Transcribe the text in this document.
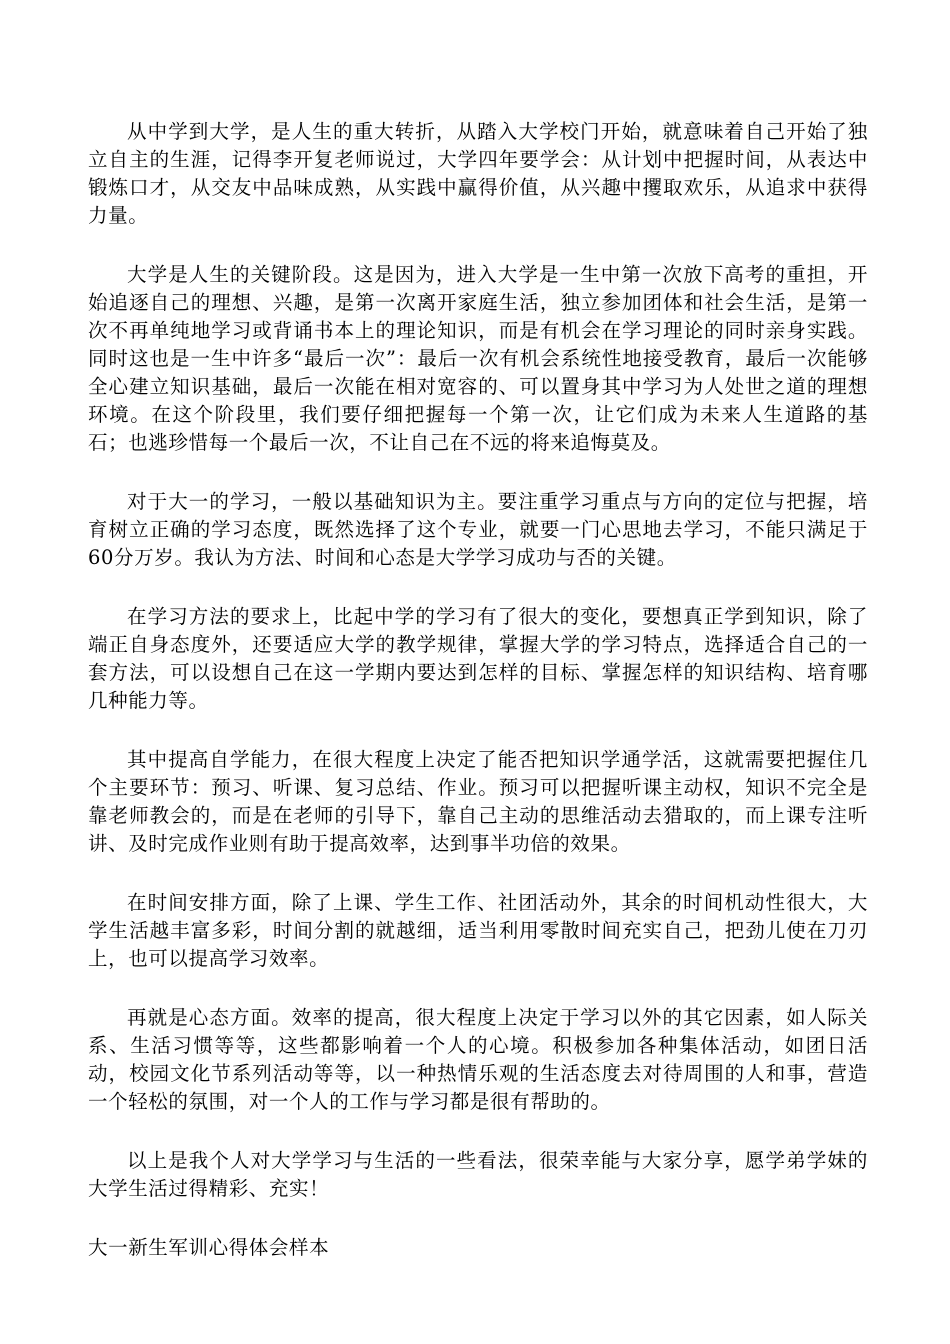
从中学到大学，是人生的重大转折，从踏入大学校门开始，就意味着自己开始了独立自主的生涯，记得李开复老师说过，大学四年要学会：从计划中把握时间，从表达中锻炼口才，从交友中品味成熟，从实践中赢得价值，从兴趣中攫取欢乐，从追求中获得力量。

大学是人生的关键阶段。这是因为，进入大学是一生中第一次放下高考的重担，开始追逐自己的理想、兴趣，是第一次离开家庭生活，独立参加团体和社会生活，是第一次不再单纯地学习或背诵书本上的理论知识，而是有机会在学习理论的同时亲身实践。同时这也是一生中许多“最后一次”：最后一次有机会系统性地接受教育，最后一次能够全心建立知识基础，最后一次能在相对宽容的、可以置身其中学习为人处世之道的理想环境。在这个阶段里，我们要仔细把握每一个第一次，让它们成为未来人生道路的基石；也逃珍惜每一个最后一次，不让自己在不远的将来追悔莫及。

对于大一的学习，一般以基础知识为主。要注重学习重点与方向的定位与把握，培育树立正确的学习态度，既然选择了这个专业，就要一门心思地去学习，不能只满足于60分万岁。我认为方法、时间和心态是大学学习成功与否的关键。

在学习方法的要求上，比起中学的学习有了很大的变化，要想真正学到知识，除了端正自身态度外，还要适应大学的教学规律，掌握大学的学习特点，选择适合自己的一套方法，可以设想自己在这一学期内要达到怎样的目标、掌握怎样的知识结构、培育哪几种能力等。

其中提高自学能力，在很大程度上决定了能否把知识学通学活，这就需要把握住几个主要环节：预习、听课、复习总结、作业。预习可以把握听课主动权，知识不完全是靠老师教会的，而是在老师的引导下，靠自己主动的思维活动去猎取的，而上课专注听讲、及时完成作业则有助于提高效率，达到事半功倍的效果。

在时间安排方面，除了上课、学生工作、社团活动外，其余的时间机动性很大，大学生活越丰富多彩，时间分割的就越细，适当利用零散时间充实自己，把劲儿使在刀刃上，也可以提高学习效率。

再就是心态方面。效率的提高，很大程度上决定于学习以外的其它因素，如人际关系、生活习惯等等，这些都影响着一个人的心境。积极参加各种集体活动，如团日活动，校园文化节系列活动等等，以一种热情乐观的生活态度去对待周围的人和事，营造一个轻松的氛围，对一个人的工作与学习都是很有帮助的。

以上是我个人对大学学习与生活的一些看法，很荣幸能与大家分享，愿学弟学妹的大学生活过得精彩、充实！

大一新生军训心得体会样本
